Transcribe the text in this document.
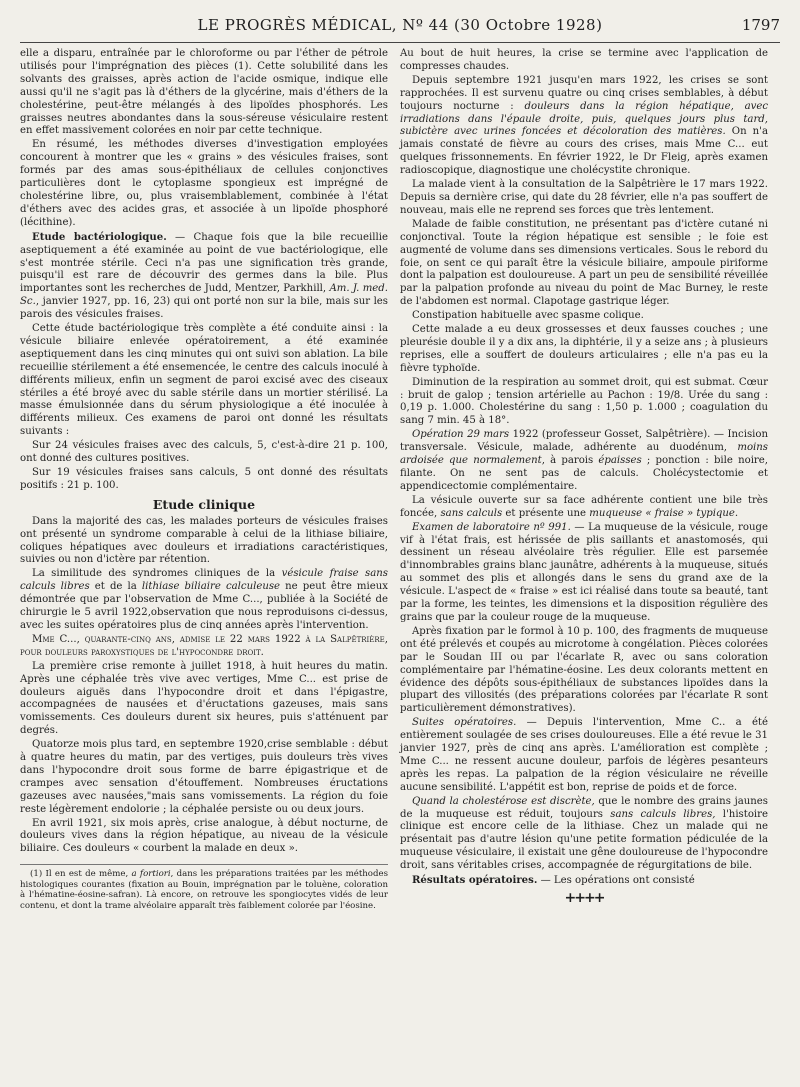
LE PROGRÈS MÉDICAL, Nº 44 (30 Octobre 1928)	1797

elle a disparu, entraînée par le chloroforme ou par l'éther de pétrole utilisés pour l'imprégnation des pièces (1). Cette solubilité dans les solvants des graisses, après action de l'acide osmique, indique elle aussi qu'il ne s'agit pas là d'éthers de la glycérine, mais d'éthers de la cholestérine, peut-être mélangés à des lipoïdes phosphorés. Les graisses neutres abondantes dans la sous-séreuse vésiculaire restent en effet massivement colorées en noir par cette technique.

En résumé, les méthodes diverses d'investigation employées concourent à montrer que les « grains » des vésicules fraises, sont formés par des amas sous-épithéliaux de cellules conjonctives particulières dont le cytoplasme spongieux est imprégné de cholestérine libre, ou, plus vraisemblablement, combinée à l'état d'éthers avec des acides gras, et associée à un lipoïde phosphoré (lécithine).

Etude bactériologique. — Chaque fois que la bile recueillie aseptiquement a été examinée au point de vue bactériologique, elle s'est montrée stérile. Ceci n'a pas une signification très grande, puisqu'il est rare de découvrir des germes dans la bile. Plus importantes sont les recherches de Judd, Mentzer, Parkhill, Am. J. med. Sc., janvier 1927, pp. 16, 23) qui ont porté non sur la bile, mais sur les parois des vésicules fraises.

Cette étude bactériologique très complète a été conduite ainsi : la vésicule biliaire enlevée opératoirement, a été examinée aseptiquement dans les cinq minutes qui ont suivi son ablation. La bile recueillie stérilement a été ensemencée, le centre des calculs inoculé à différents milieux, enfin un segment de paroi excisé avec des ciseaux stériles a été broyé avec du sable stérile dans un mortier stérilisé. La masse émulsionnée dans du sérum physiologique a été inoculée à différents milieux. Ces examens de paroi ont donné les résultats suivants :

Sur 24 vésicules fraises avec des calculs, 5, c'est-à-dire 21 p. 100, ont donné des cultures positives.

Sur 19 vésicules fraises sans calculs, 5 ont donné des résultats positifs : 21 p. 100.

Etude clinique

Dans la majorité des cas, les malades porteurs de vésicules fraises ont présenté un syndrome comparable à celui de la lithiase biliaire, coliques hépatiques avec douleurs et irradiations caractéristiques, suivies ou non d'ictère par rétention.

La similitude des syndromes cliniques de la vésicule fraise sans calculs libres et de la lithiase biliaire calculeuse ne peut être mieux démontrée que par l'observation de Mme C..., publiée à la Société de chirurgie le 5 avril 1922,observation que nous reproduisons ci-dessus, avec les suites opératoires plus de cinq années après l'intervention.

Mme C..., quarante-cinq ans, admise le 22 mars 1922 à la Salpêtrière, pour douleurs paroxystiques de l'hypocondre droit.

La première crise remonte à juillet 1918, à huit heures du matin. Après une céphalée très vive avec vertiges, Mme C... est prise de douleurs aiguës dans l'hypocondre droit et dans l'épigastre, accompagnées de nausées et d'éructations gazeuses, mais sans vomissements. Ces douleurs durent six heures, puis s'atténuent par degrés.

Quatorze mois plus tard, en septembre 1920,crise semblable : début à quatre heures du matin, par des vertiges, puis douleurs très vives dans l'hypocondre droit sous forme de barre épigastrique et de crampes avec sensation d'étouffement. Nombreuses éructations gazeuses avec nausées,"mais sans vomissements. La région du foie reste légèrement endolorie ; la céphalée persiste ou ou deux jours.

En avril 1921, six mois après, crise analogue, à début nocturne, de douleurs vives dans la région hépatique, au niveau de la vésicule biliaire. Ces douleurs « courbent la malade en deux ».

(1) Il en est de même, a fortiori, dans les préparations traitées par les méthodes histologiques courantes (fixation au Bouin, imprégnation par le toluène, coloration à l'hématine-éosine-safran). Là encore, on retrouve les spongiocytes vidés de leur contenu, et dont la trame alvéolaire apparaît très faiblement colorée par l'éosine.

Au bout de huit heures, la crise se termine avec l'application de compresses chaudes.

Depuis septembre 1921 jusqu'en mars 1922, les crises se sont rapprochées. Il est survenu quatre ou cinq crises semblables, à début toujours nocturne : douleurs dans la région hépatique, avec irradiations dans l'épaule droite, puis, quelques jours plus tard, subictère avec urines foncées et décoloration des matières. On n'a jamais constaté de fièvre au cours des crises, mais Mme C... eut quelques frissonnements. En février 1922, le Dr Fleig, après examen radioscopique, diagnostique une cholécystite chronique.

La malade vient à la consultation de la Salpêtrière le 17 mars 1922. Depuis sa dernière crise, qui date du 28 février, elle n'a pas souffert de nouveau, mais elle ne reprend ses forces que très lentement.

Malade de faible constitution, ne présentant pas d'ictère cutané ni conjonctival. Toute la région hépatique est sensible ; le foie est augmenté de volume dans ses dimensions verticales. Sous le rebord du foie, on sent ce qui paraît être la vésicule biliaire, ampoule piriforme dont la palpation est douloureuse. A part un peu de sensibilité réveillée par la palpation profonde au niveau du point de Mac Burney, le reste de l'abdomen est normal. Clapotage gastrique léger.

Constipation habituelle avec spasme colique.

Cette malade a eu deux grossesses et deux fausses couches ; une pleurésie double il y a dix ans, la diphtérie, il y a seize ans ; à plusieurs reprises, elle a souffert de douleurs articulaires ; elle n'a pas eu la fièvre typhoïde.

Diminution de la respiration au sommet droit, qui est submat. Cœur : bruit de galop ; tension artérielle au Pachon : 19/8. Urée du sang : 0,19 p. 1.000. Cholestérine du sang : 1,50 p. 1.000 ; coagulation du sang 7 min. 45 à 18°.

Opération 29 mars 1922 (professeur Gosset, Salpêtrière). — Incision transversale. Vésicule, malade, adhérente au duodénum, moins ardoisée que normalement, à parois épaisses ; ponction : bile noire, filante. On ne sent pas de calculs. Cholécystectomie et appendicectomie complémentaire.

La vésicule ouverte sur sa face adhérente contient une bile très foncée, sans calculs et présente une muqueuse « fraise » typique.

Examen de laboratoire nº 991. — La muqueuse de la vésicule, rouge vif à l'état frais, est hérissée de plis saillants et anastomosés, qui dessinent un réseau alvéolaire très régulier. Elle est parsemée d'innombrables grains blanc jaunâtre, adhérents à la muqueuse, situés au sommet des plis et allongés dans le sens du grand axe de la vésicule. L'aspect de « fraise » est ici réalisé dans toute sa beauté, tant par la forme, les teintes, les dimensions et la disposition régulière des grains que par la couleur rouge de la muqueuse.

Après fixation par le formol à 10 p. 100, des fragments de muqueuse ont été prélevés et coupés au microtome à congélation. Pièces colorées par le Soudan III ou par l'écarlate R, avec ou sans coloration complémentaire par l'hématine-éosine. Les deux colorants mettent en évidence des dépôts sous-épithéliaux de substances lipoïdes dans la plupart des villosités (des préparations colorées par l'écarlate R sont particulièrement démonstratives).

Suites opératoires. — Depuis l'intervention, Mme C.. a été entièrement soulagée de ses crises douloureuses. Elle a été revue le 31 janvier 1927, près de cinq ans après. L'amélioration est complète ; Mme C... ne ressent aucune douleur, parfois de légères pesanteurs après les repas. La palpation de la région vésiculaire ne réveille aucune sensibilité. L'appétit est bon, reprise de poids et de force.

Quand la cholestérose est discrète, que le nombre des grains jaunes de la muqueuse est réduit, toujours sans calculs libres, l'histoire clinique est encore celle de la lithiase. Chez un malade qui ne présentait pas d'autre lésion qu'une petite formation pédiculée de la muqueuse vésiculaire, il existait une gêne douloureuse de l'hypocondre droit, sans véritables crises, accompagnée de régurgitations de bile.

Résultats opératoires. — Les opérations ont consisté

++++
